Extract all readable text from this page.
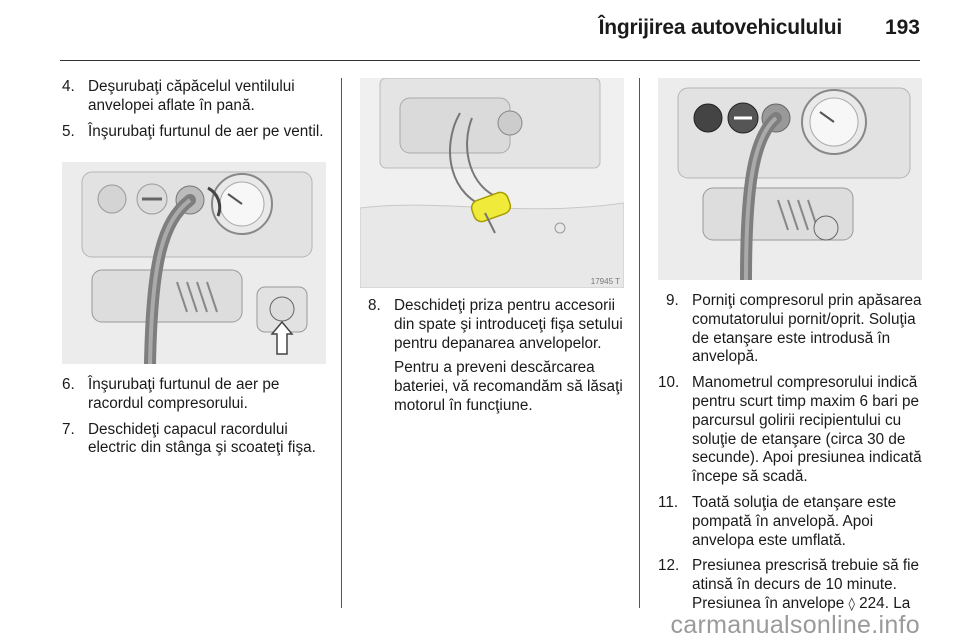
Îngrijirea autovehiculului 193
4. Deşurubaţi căpăcelul ventilului anvelopei aflate în pană.
5. Înşurubaţi furtunul de aer pe ventil.
6. Înşurubaţi furtunul de aer pe racordul compresorului.
7. Deschideţi capacul racordului electric din stânga şi scoateţi fişa.
17945 T
8. Deschideţi priza pentru accesorii din spate şi introduceţi fişa setului pentru depanarea anvelopelor.
Pentru a preveni descărcarea bateriei, vă recomandăm să lăsaţi motorul în funcţiune.
9. Porniţi compresorul prin apăsarea comutatorului pornit/oprit. Soluţia de etanşare este introdusă în anvelopă.
10. Manometrul compresorului indică pentru scurt timp maxim 6 bari pe parcursul golirii recipientului cu soluţie de etanşare (circa 30 de secunde). Apoi presiunea indicată începe să scadă.
11. Toată soluţia de etanşare este pompată în anvelopă. Apoi anvelopa este umflată.
12. Presiunea prescrisă trebuie să fie atinsă în decurs de 10 minute. Presiunea în anvelope ◊ 224. La
carmanualsonline.info
